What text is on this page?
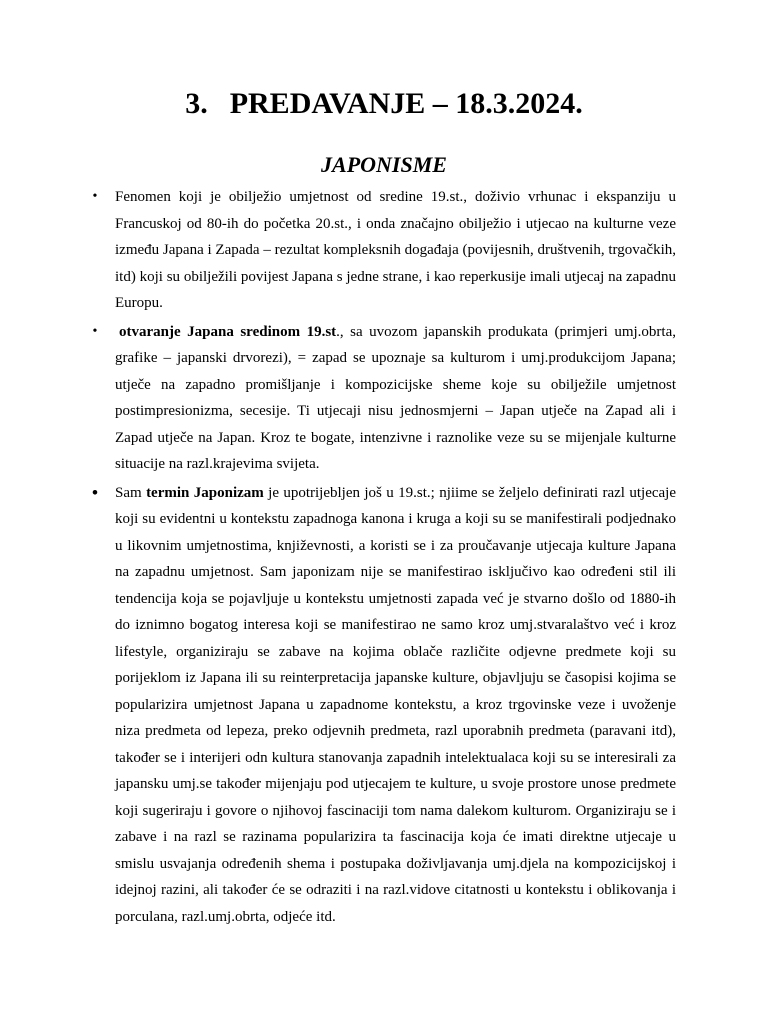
3. PREDAVANJE – 18.3.2024.
JAPONISME
•	Fenomen koji je obilježio umjetnost od sredine 19.st., doživio vrhunac i ekspanziju u Francuskoj od 80-ih do početka 20.st., i onda značajno obilježio i utjecao na kulturne veze između Japana i Zapada – rezultat kompleksnih događaja (povijesnih, društvenih, trgovačkih, itd) koji su obilježili povijest Japana s jedne strane, i kao reperkusije imali utjecaj na zapadnu Europu.
•	otvaranje Japana sredinom 19.st., sa uvozom japanskih produkata (primjeri umj.obrta, grafike – japanski drvorezi), = zapad se upoznaje sa kulturom i umj.produkcijom Japana; utječe na zapadno promišljanje i kompozicijske sheme koje su obilježile umjetnost postimpresionizma, secesije. Ti utjecaji nisu jednosmjerni – Japan utječe na Zapad ali i Zapad utječe na Japan. Kroz te bogate, intenzivne i raznolike veze su se mijenjale kulturne situacije na razl.krajevima svijeta.
• Sam termin Japonizam je upotrijebljen još u 19.st.; njiime se željelo definirati razl utjecaje koji su evidentni u kontekstu zapadnoga kanona i kruga a koji su se manifestirali podjednako u likovnim umjetnostima, književnosti, a koristi se i za proučavanje utjecaja kulture Japana na zapadnu umjetnost. Sam japonizam nije se manifestirao isključivo kao određeni stil ili tendencija koja se pojavljuje u kontekstu umjetnosti zapada već je stvarno došlo od 1880-ih do iznimno bogatog interesa koji se manifestirao ne samo kroz umj.stvaralaštvo već i kroz lifestyle, organiziraju se zabave na kojima oblače različite odjevne predmete koji su porijeklom iz Japana ili su reinterpretacija japanske kulture, objavljuju se časopisi kojima se popularizira umjetnost Japana u zapadnome kontekstu, a kroz trgovinske veze i uvoženje niza predmeta od lepeza, preko odjevnih predmeta, razl uporabnih predmeta (paravani itd), također se i interijeri odn kultura stanovanja zapadnih intelektualaca koji su se interesirali za japansku umj.se također mijenjaju pod utjecajem te kulture, u svoje prostore unose predmete koji sugeriraju i govore o njihovoj fascinaciji tom nama dalekom kulturom. Organiziraju se i zabave i na razl se razinama popularizira ta fascinacija koja će imati direktne utjecaje u smislu usvajanja određenih shema i postupaka doživljavanja umj.djela na kompozicijskoj i idejnoj razini, ali također će se odraziti i na razl.vidove citatnosti u kontekstu i oblikovanja i porculana, razl.umj.obrta, odjeće itd.
